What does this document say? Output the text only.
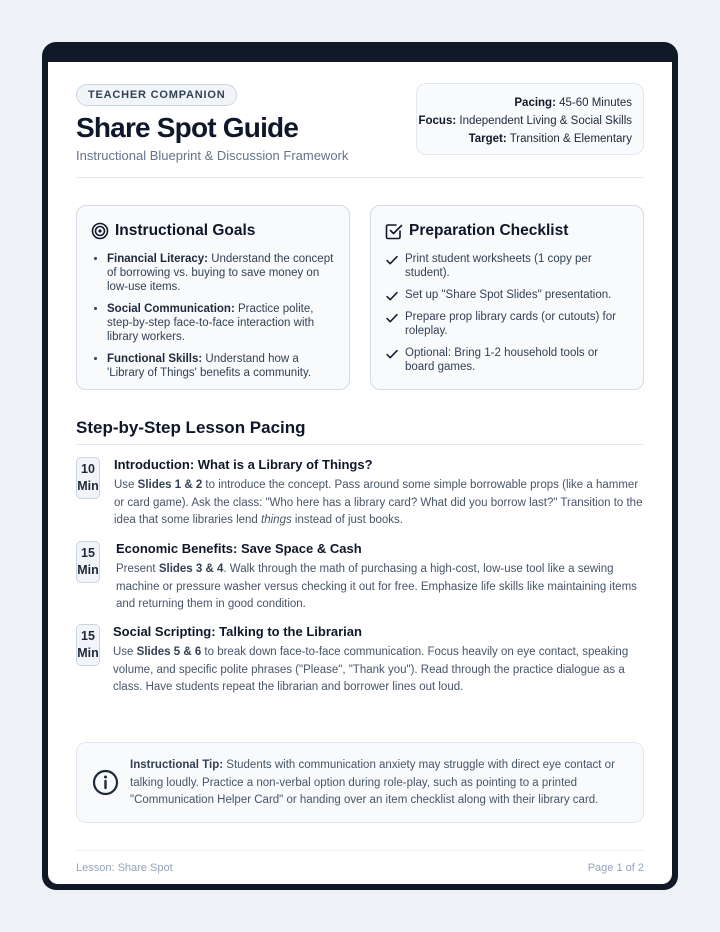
TEACHER COMPANION
Share Spot Guide
Instructional Blueprint & Discussion Framework
Pacing: 45-60 Minutes
Focus: Independent Living & Social Skills
Target: Transition & Elementary
Instructional Goals
• Financial Literacy: Understand the concept of borrowing vs. buying to save money on low-use items.
• Social Communication: Practice polite, step-by-step face-to-face interaction with library workers.
• Functional Skills: Understand how a 'Library of Things' benefits a community.
Preparation Checklist
Print student worksheets (1 copy per student).
Set up "Share Spot Slides" presentation.
Prepare prop library cards (or cutouts) for roleplay.
Optional: Bring 1-2 household tools or board games.
Step-by-Step Lesson Pacing
10
Min
Introduction: What is a Library of Things?
Use Slides 1 & 2 to introduce the concept. Pass around some simple borrowable props (like a hammer or card game). Ask the class: "Who here has a library card? What did you borrow last?" Transition to the idea that some libraries lend things instead of just books.
15
Min
Economic Benefits: Save Space & Cash
Present Slides 3 & 4. Walk through the math of purchasing a high-cost, low-use tool like a sewing machine or pressure washer versus checking it out for free. Emphasize life skills like maintaining items and returning them in good condition.
15
Min
Social Scripting: Talking to the Librarian
Use Slides 5 & 6 to break down face-to-face communication. Focus heavily on eye contact, speaking volume, and specific polite phrases ("Please", "Thank you"). Read through the practice dialogue as a class. Have students repeat the librarian and borrower lines out loud.
Instructional Tip: Students with communication anxiety may struggle with direct eye contact or talking loudly. Practice a non-verbal option during role-play, such as pointing to a printed "Communication Helper Card" or handing over an item checklist along with their library card.
Lesson: Share Spot	Page 1 of 2
